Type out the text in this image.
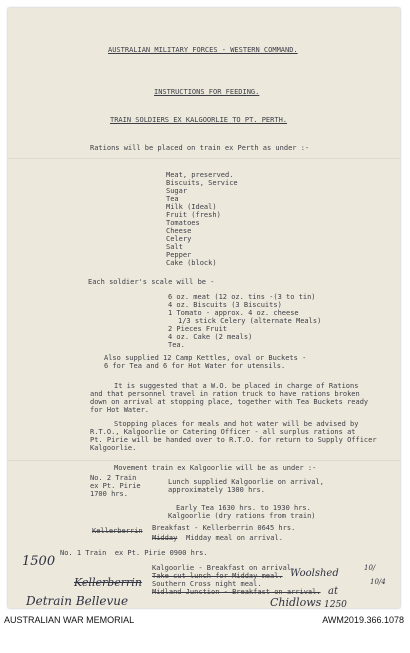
AUSTRALIAN MILITARY FORCES - WESTERN COMMAND.
INSTRUCTIONS FOR FEEDING.
TRAIN SOLDIERS EX KALGOORLIE TO PT. PERTH.
Rations will be placed on train ex Perth as under :-
Meat, preserved.
Biscuits, Service
Sugar
Tea
Milk (Ideal)
Fruit (fresh)
Tomatoes
Cheese
Celery
Salt
Pepper
Cake (block)
Each soldier's scale will be -
6 oz. meat (12 oz. tins -(3 to tin)
4 oz. Biscuits (3 Biscuits)
1 Tomato - approx. 4 oz. cheese
1/3 stick Celery (alternate Meals)
2 Pieces Fruit
4 oz. Cake (2 meals)
Tea.
Also supplied 12 Camp Kettles, oval or Buckets -
6 for Tea and 6 for Hot Water for utensils.
It is suggested that a W.O. be placed in charge of Rations
and that personnel travel in ration truck to have rations broken
down on arrival at stopping place, together with Tea Buckets ready
for Hot Water.
Stopping places for meals and hot water will be advised by
R.T.O., Kalgoorlie or Catering Officer - all surplus rations at
Pt. Pirie will be handed over to R.T.O. for return to Supply Officer
Kalgoorlie.
Movement train ex Kalgoorlie will be as under :-
No. 2 Train
ex Pt. Pirie
1700 hrs.
Lunch supplied Kalgoorlie on arrival,
approximately 1300 hrs.
Early Tea 1630 hrs. to 1930 hrs.
Kalgoorlie (dry rations from train)
Kellerberrin Breakfast - Kellerberrin 0645 hrs.
Midday Midday meal on arrival.
No. 1 Train  ex Pt. Pirie 0900 hrs.
Kalgoorlie - Breakfast on arrival.
Take cut lunch for Midday meal.
Southern Cross night meal.
Midland Junction - Breakfast on arrival.
1500
Kellerberrin
Woolshed
at
Chidlows 1250
Detrain Bellevue
10/
10/4
AUSTRALIAN WAR MEMORIAL	AWM2019.366.1078
